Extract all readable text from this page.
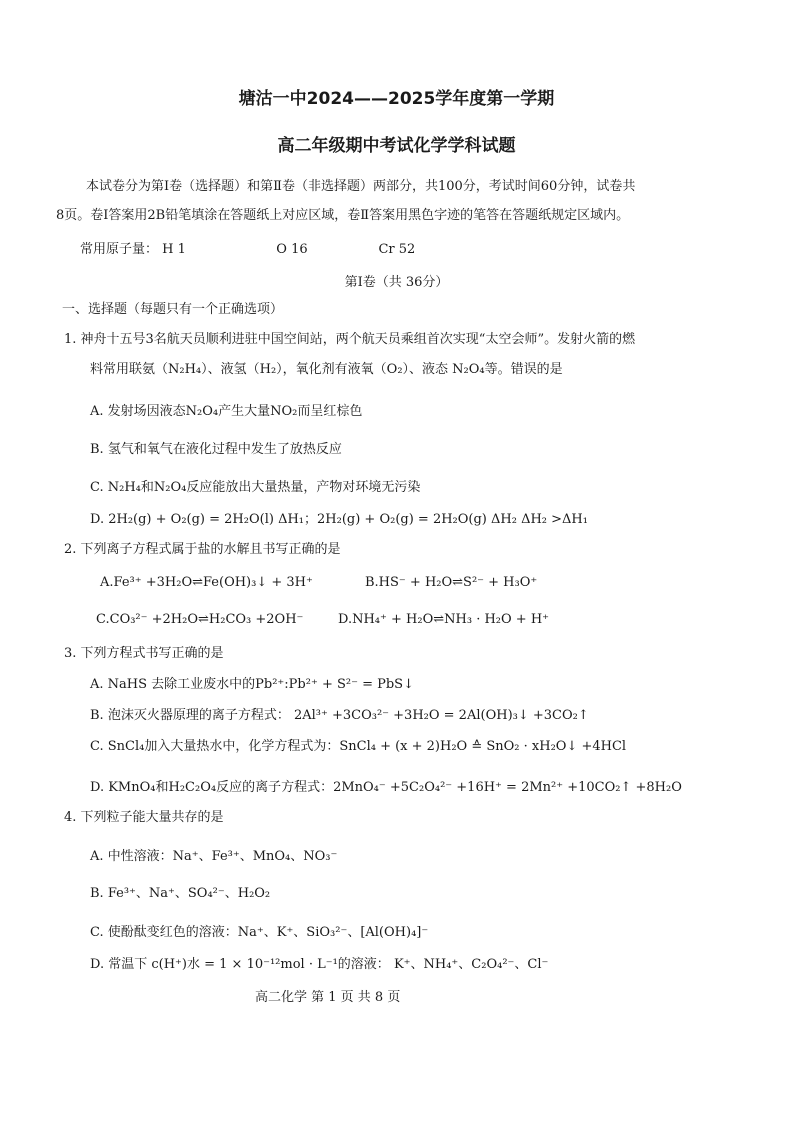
塘沽一中2024——2025学年度第一学期
高二年级期中考试化学学科试题
本试卷分为第Ⅰ卷（选择题）和第Ⅱ卷（非选择题）两部分，共100分，考试时间60分钟，试卷共
8页。卷Ⅰ答案用2B铅笔填涂在答题纸上对应区域，卷Ⅱ答案用黑色字迹的笔答在答题纸规定区域内。
常用原子量： H 1	O 16	Cr 52
第Ⅰ卷（共 36分）
一、选择题（每题只有一个正确选项）
1. 神舟十五号3名航天员顺利进驻中国空间站，两个航天员乘组首次实现“太空会师”。发射火箭的燃
料常用联氨（N₂H₄）、液氢（H₂），氧化剂有液氧（O₂）、液态 N₂O₄等。错误的是
A. 发射场因液态N₂O₄产生大量NO₂而呈红棕色
B. 氢气和氧气在液化过程中发生了放热反应
C. N₂H₄和N₂O₄反应能放出大量热量，产物对环境无污染
D. 2H₂(g) + O₂(g) = 2H₂O(l) ΔH₁；2H₂(g) + O₂(g) = 2H₂O(g) ΔH₂ ΔH₂ >ΔH₁
2. 下列离子方程式属于盐的水解且书写正确的是
A.Fe³⁺ +3H₂O⇌Fe(OH)₃↓ + 3H⁺	B.HS⁻ + H₂O⇌S²⁻ + H₃O⁺
C.CO₃²⁻ +2H₂O⇌H₂CO₃ +2OH⁻	D.NH₄⁺ + H₂O⇌NH₃ · H₂O + H⁺
3. 下列方程式书写正确的是
A. NaHS 去除工业废水中的Pb²⁺:Pb²⁺ + S²⁻ = PbS↓
B. 泡沫灭火器原理的离子方程式： 2Al³⁺ +3CO₃²⁻ +3H₂O = 2Al(OH)₃↓ +3CO₂↑
C. SnCl₄加入大量热水中，化学方程式为：SnCl₄ + (x + 2)H₂O ≙ SnO₂ · xH₂O↓ +4HCl
D. KMnO₄和H₂C₂O₄反应的离子方程式：2MnO₄⁻ +5C₂O₄²⁻ +16H⁺ = 2Mn²⁺ +10CO₂↑ +8H₂O
4. 下列粒子能大量共存的是
A. 中性溶液：Na⁺、Fe³⁺、MnO₄、NO₃⁻
B. Fe³⁺、Na⁺、SO₄²⁻、H₂O₂
C. 使酚酞变红色的溶液：Na⁺、K⁺、SiO₃²⁻、[Al(OH)₄]⁻
D. 常温下 c(H⁺)水 = 1 × 10⁻¹²mol · L⁻¹的溶液： K⁺、NH₄⁺、C₂O₄²⁻、Cl⁻
高二化学 第 1 页 共 8 页
